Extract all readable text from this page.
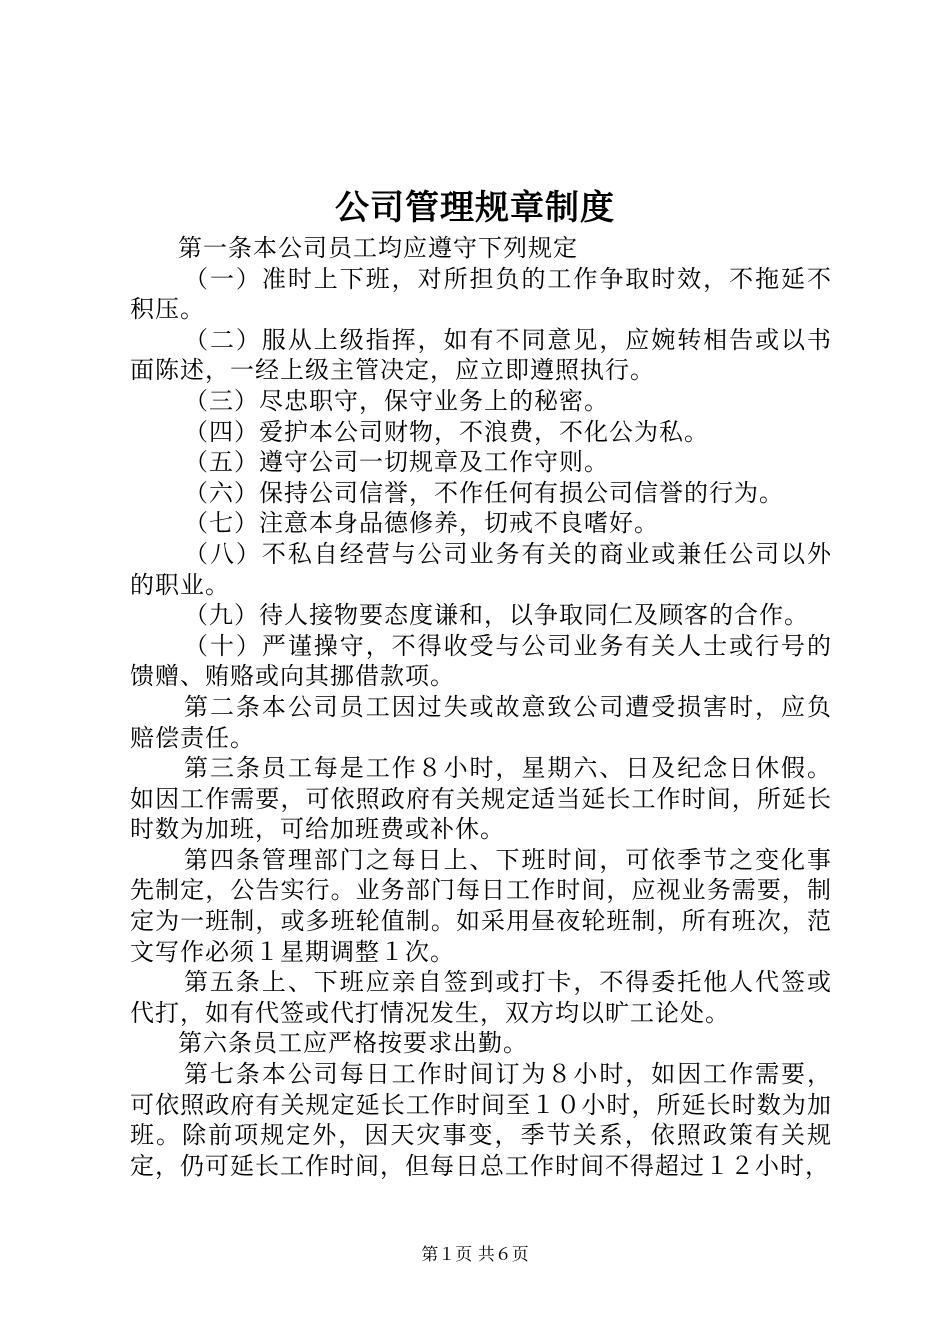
公司管理规章制度

第一条本公司员工均应遵守下列规定

（一）准时上下班，对所担负的工作争取时效，不拖延不积压。

（二）服从上级指挥，如有不同意见，应婉转相告或以书面陈述，一经上级主管决定，应立即遵照执行。

（三）尽忠职守，保守业务上的秘密。

（四）爱护本公司财物，不浪费，不化公为私。

（五）遵守公司一切规章及工作守则。

（六）保持公司信誉，不作任何有损公司信誉的行为。

（七）注意本身品德修养，切戒不良嗜好。

（八）不私自经营与公司业务有关的商业或兼任公司以外的职业。

（九）待人接物要态度谦和，以争取同仁及顾客的合作。

（十）严谨操守，不得收受与公司业务有关人士或行号的馈赠、贿赂或向其挪借款项。

第二条本公司员工因过失或故意致公司遭受损害时，应负赔偿责任。

第三条员工每是工作８小时，星期六、日及纪念日休假。如因工作需要，可依照政府有关规定适当延长工作时间，所延长时数为加班，可给加班费或补休。

第四条管理部门之每日上、下班时间，可依季节之变化事先制定，公告实行。业务部门每日工作时间，应视业务需要，制定为一班制，或多班轮值制。如采用昼夜轮班制，所有班次，范文写作必须１星期调整１次。

第五条上、下班应亲自签到或打卡，不得委托他人代签或代打，如有代签或代打情况发生，双方均以旷工论处。

第六条员工应严格按要求出勤。

第七条本公司每日工作时间订为８小时，如因工作需要，可依照政府有关规定延长工作时间至１０小时，所延长时数为加班。除前项规定外，因天灾事变，季节关系，依照政策有关规定，仍可延长工作时间，但每日总工作时间不得超过１２小时，

第１页 共６页
